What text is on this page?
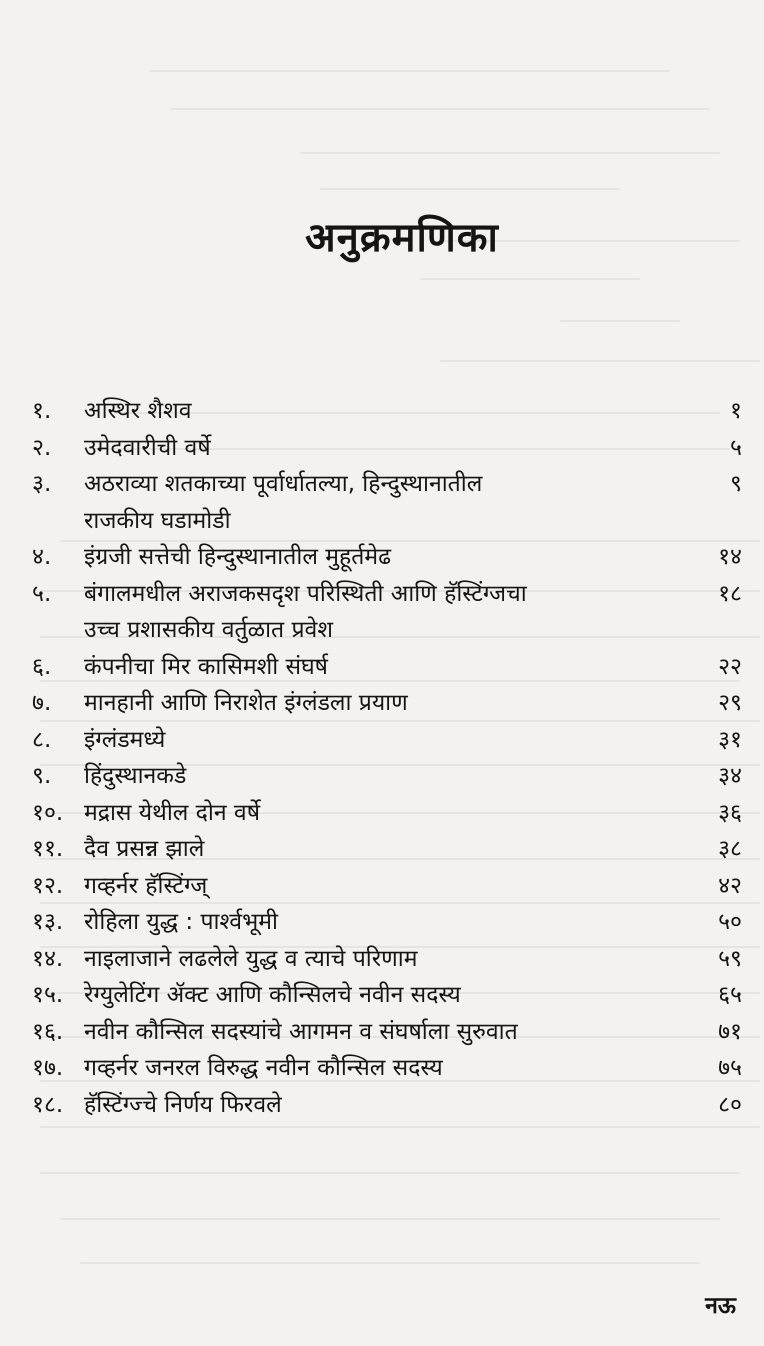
अनुक्रमणिका
१.	अस्थिर शैशव	१
२.	उमेदवारीची वर्षे	५
३.	अठराव्या शतकाच्या पूर्वार्धातल्या, हिन्दुस्थानातील
राजकीय घडामोडी
९
४.	इंग्रजी सत्तेची हिन्दुस्थानातील मुहूर्तमेढ	१४
५.	बंगालमधील अराजकसदृश परिस्थिती आणि हॅस्टिंग्जचा
उच्च प्रशासकीय वर्तुळात प्रवेश
१८
६.	कंपनीचा मिर कासिमशी संघर्ष	२२
७.	मानहानी आणि निराशेत इंग्लंडला प्रयाण	२९
८.	इंग्लंडमध्ये	३१
९.	हिंदुस्थानकडे	३४
१०. मद्रास येथील दोन वर्षे	३६
११. दैव प्रसन्न झाले	३८
१२. गव्हर्नर हॅस्टिंग्ज्	४२
१३. रोहिला युद्ध : पार्श्वभूमी	५०
१४. नाइलाजाने लढलेले युद्ध व त्याचे परिणाम	५९
१५. रेग्युलेटिंग ॲक्ट आणि कौन्सिलचे नवीन सदस्य	६५
१६. नवीन कौन्सिल सदस्यांचे आगमन व संघर्षाला सुरुवात	७१
१७. गव्हर्नर जनरल विरुद्ध नवीन कौन्सिल सदस्य	७५
१८. हॅस्टिंग्ज्चे निर्णय फिरवले	८०
नऊ
